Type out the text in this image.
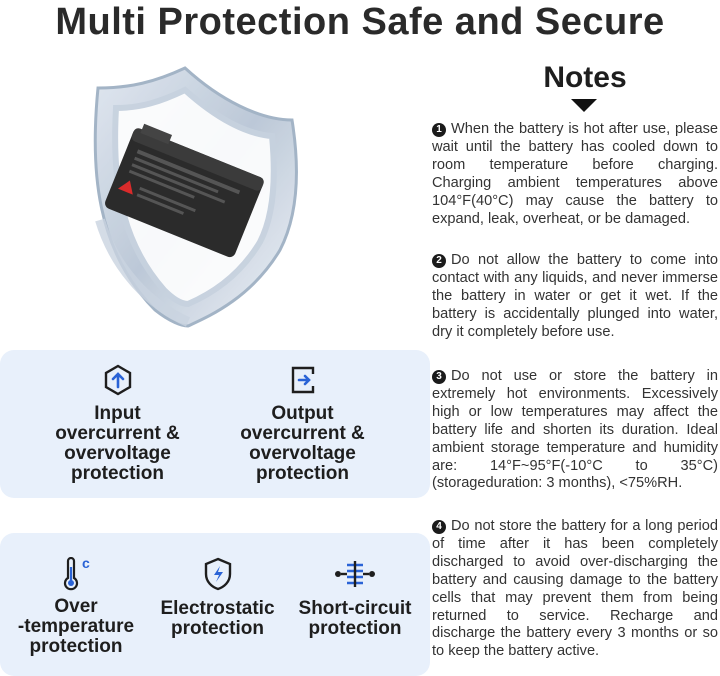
Multi Protection Safe and Secure
Input
overcurrent &
overvoltage
protection
Output
overcurrent &
overvoltage
protection
c
Over
-temperature
protection
Electrostatic
protection
Short-circuit
protection
Notes
1 When the battery is hot after use, please wait until the battery has cooled down to room temperature before charging. Charging ambient temperatures above 104°F(40°C) may cause the battery to expand, leak, overheat, or be damaged.
2 Do not allow the battery to come into contact with any liquids, and never immerse the battery in water or get it wet. If the battery is accidentally plunged into water, dry it completely before use.
3 Do not use or store the battery in extremely hot environments. Excessively high or low temperatures may affect the battery life and shorten its duration. Ideal ambient storage temperature and humidity are: 14°F~95°F(-10°C to 35°C) (storageduration: 3 months), <75%RH.
4 Do not store the battery for a long period of time after it has been completely discharged to avoid over-discharging the battery and causing damage to the battery cells that may prevent them from being returned to service. Recharge and discharge the battery every 3 months or so to keep the battery active.
